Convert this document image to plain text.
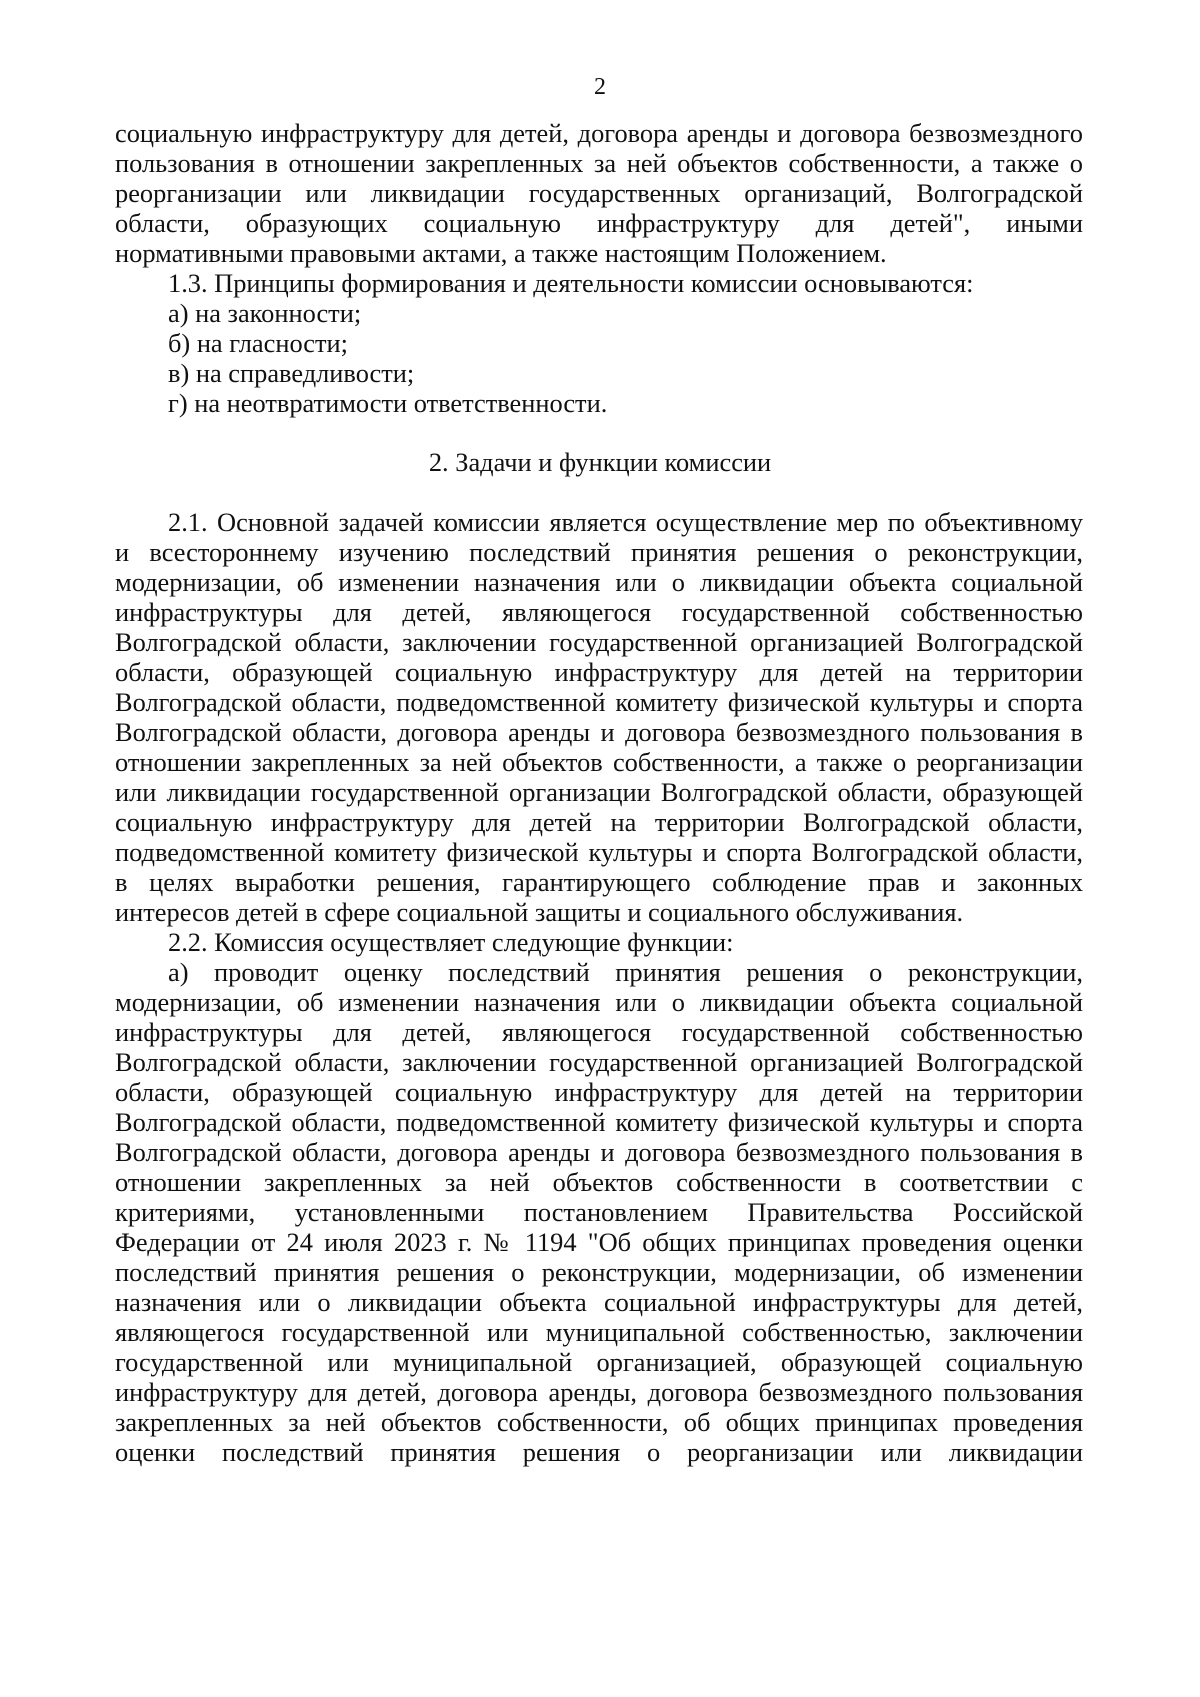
2
социальную инфраструктуру для детей, договора аренды и договора безвозмездного
пользования в отношении закрепленных за ней объектов собственности, а также о
реорганизации или ликвидации государственных организаций, Волгоградской
области, образующих социальную инфраструктуру для детей", иными
нормативными правовыми актами, а также настоящим Положением.
1.3. Принципы формирования и деятельности комиссии основываются:
а) на законности;
б) на гласности;
в) на справедливости;
г) на неотвратимости ответственности.
2. Задачи и функции комиссии
2.1. Основной задачей комиссии является осуществление мер по объективному
и всестороннему изучению последствий принятия решения о реконструкции,
модернизации, об изменении назначения или о ликвидации объекта социальной
инфраструктуры для детей, являющегося государственной собственностью
Волгоградской области, заключении государственной организацией Волгоградской
области, образующей социальную инфраструктуру для детей на территории
Волгоградской области, подведомственной комитету физической культуры и спорта
Волгоградской области, договора аренды и договора безвозмездного пользования в
отношении закрепленных за ней объектов собственности, а также о реорганизации
или ликвидации государственной организации Волгоградской области, образующей
социальную инфраструктуру для детей на территории Волгоградской области,
подведомственной комитету физической культуры и спорта Волгоградской области,
в целях выработки решения, гарантирующего соблюдение прав и законных
интересов детей в сфере социальной защиты и социального обслуживания.
2.2. Комиссия осуществляет следующие функции:
а) проводит оценку последствий принятия решения о реконструкции,
модернизации, об изменении назначения или о ликвидации объекта социальной
инфраструктуры для детей, являющегося государственной собственностью
Волгоградской области, заключении государственной организацией Волгоградской
области, образующей социальную инфраструктуру для детей на территории
Волгоградской области, подведомственной комитету физической культуры и спорта
Волгоградской области, договора аренды и договора безвозмездного пользования в
отношении закрепленных за ней объектов собственности в соответствии с
критериями, установленными постановлением Правительства Российской
Федерации от 24 июля 2023 г. № 1194 "Об общих принципах проведения оценки
последствий принятия решения о реконструкции, модернизации, об изменении
назначения или о ликвидации объекта социальной инфраструктуры для детей,
являющегося государственной или муниципальной собственностью, заключении
государственной или муниципальной организацией, образующей социальную
инфраструктуру для детей, договора аренды, договора безвозмездного пользования
закрепленных за ней объектов собственности, об общих принципах проведения
оценки последствий принятия решения о реорганизации или ликвидации
